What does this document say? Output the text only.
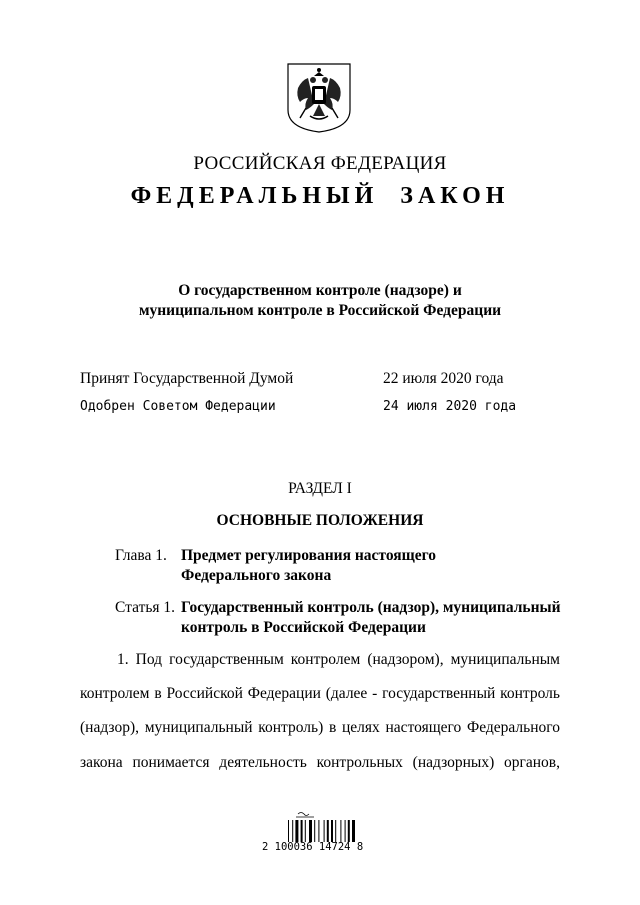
РОССИЙСКАЯ ФЕДЕРАЦИЯ
ФЕДЕРАЛЬНЫЙ ЗАКОН
О государственном контроле (надзоре) и
муниципальном контроле в Российской Федерации
Принят Государственной Думой	22 июля 2020 года
Одобрен Советом Федерации	24 июля 2020 года
РАЗДЕЛ I
ОСНОВНЫЕ ПОЛОЖЕНИЯ
Глава 1. Предмет регулирования настоящего
Федерального закона
Статья 1. Государственный контроль (надзор), муниципальный
контроль в Российской Федерации
1. Под государственным контролем (надзором), муниципальным
контролем в Российской Федерации (далее - государственный контроль
(надзор), муниципальный контроль) в целях настоящего Федерального
закона понимается деятельность контрольных (надзорных) органов,
2 100036 14724 8
